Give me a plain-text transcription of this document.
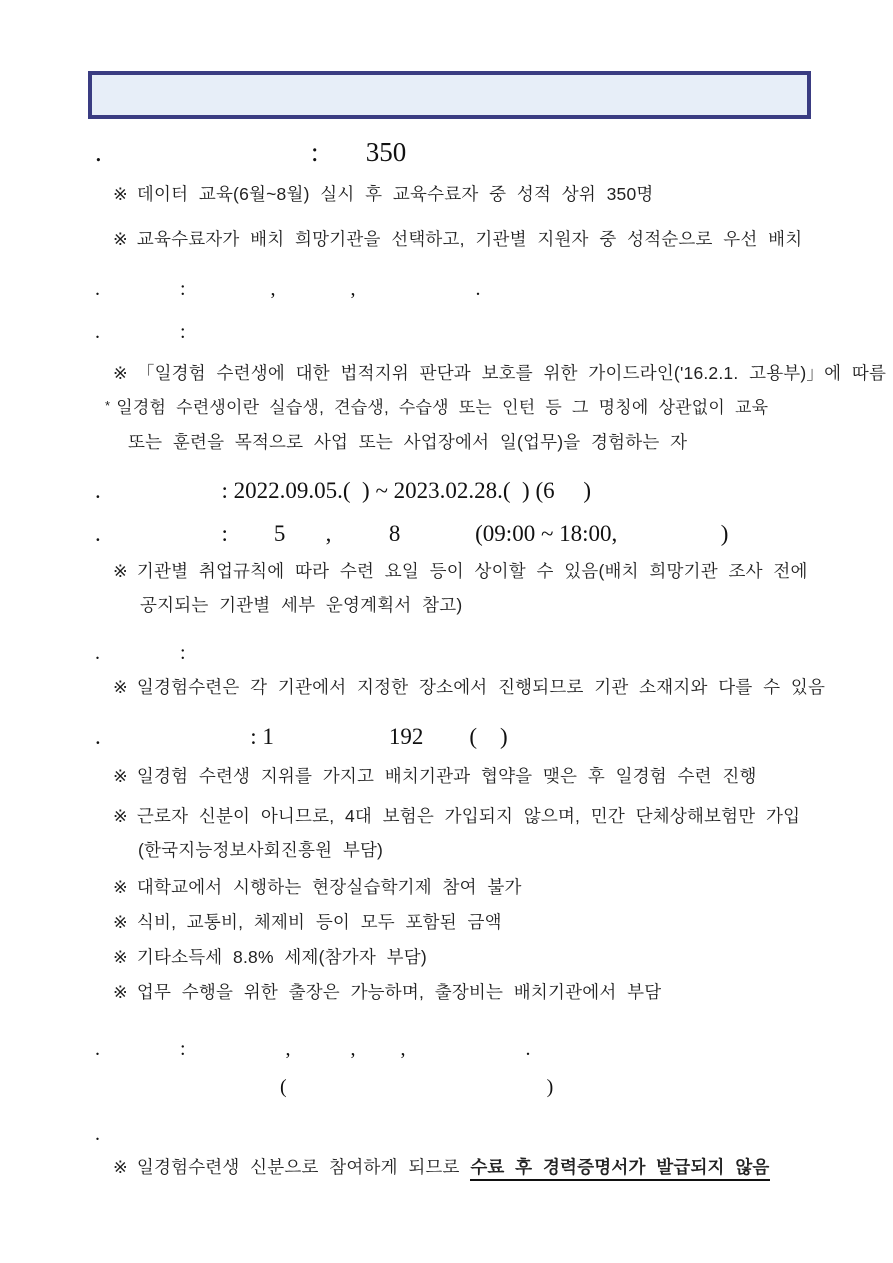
.                               :       350
※ 데이터 교육(6월~8월) 실시 후 교육수료자 중 성적 상위 350명
※ 교육수료자가 배치 희망기관을 선택하고, 기관별 지원자 중 성적순으로 우선 배치
.                :                 ,               ,                        .
.                :
※ 「일경험 수련생에 대한 법적지위 판단과 보호를 위한 가이드라인('16.2.1. 고용부)」에 따름
* 일경험 수련생이란 실습생, 견습생, 수습생 또는 인턴 등 그 명칭에 상관없이 교육
또는 훈련을 목적으로 사업 또는 사업장에서 일(업무)을 경험하는 자
.                     : 2022.09.05.(  ) ~ 2023.02.28.(  ) (6     )
.                     :        5       ,          8             (09:00 ~ 18:00,                  )
※ 기관별 취업규칙에 따라 수련 요일 등이 상이할 수 있음(배치 희망기관 조사 전에
공지되는 기관별 세부 운영계획서 참고)
.                :
※ 일경험수련은 각 기관에서 지정한 장소에서 진행되므로 기관 소재지와 다를 수 있음
.                          : 1                    192        (    )
※ 일경험 수련생 지위를 가지고 배치기관과 협약을 맺은 후 일경험 수련 진행
※ 근로자 신분이 아니므로, 4대 보험은 가입되지 않으며, 민간 단체상해보험만 가입
(한국지능정보사회진흥원 부담)
※ 대학교에서 시행하는 현장실습학기제 참여 불가
※ 식비, 교통비, 체제비 등이 모두 포함된 금액
※ 기타소득세 8.8% 세제(참가자 부담)
※ 업무 수행을 위한 출장은 가능하며, 출장비는 배치기관에서 부담
.                :                    ,            ,         ,                        .
(                                                    )
.
※ 일경험수련생 신분으로 참여하게 되므로 수료 후 경력증명서가 발급되지 않음
